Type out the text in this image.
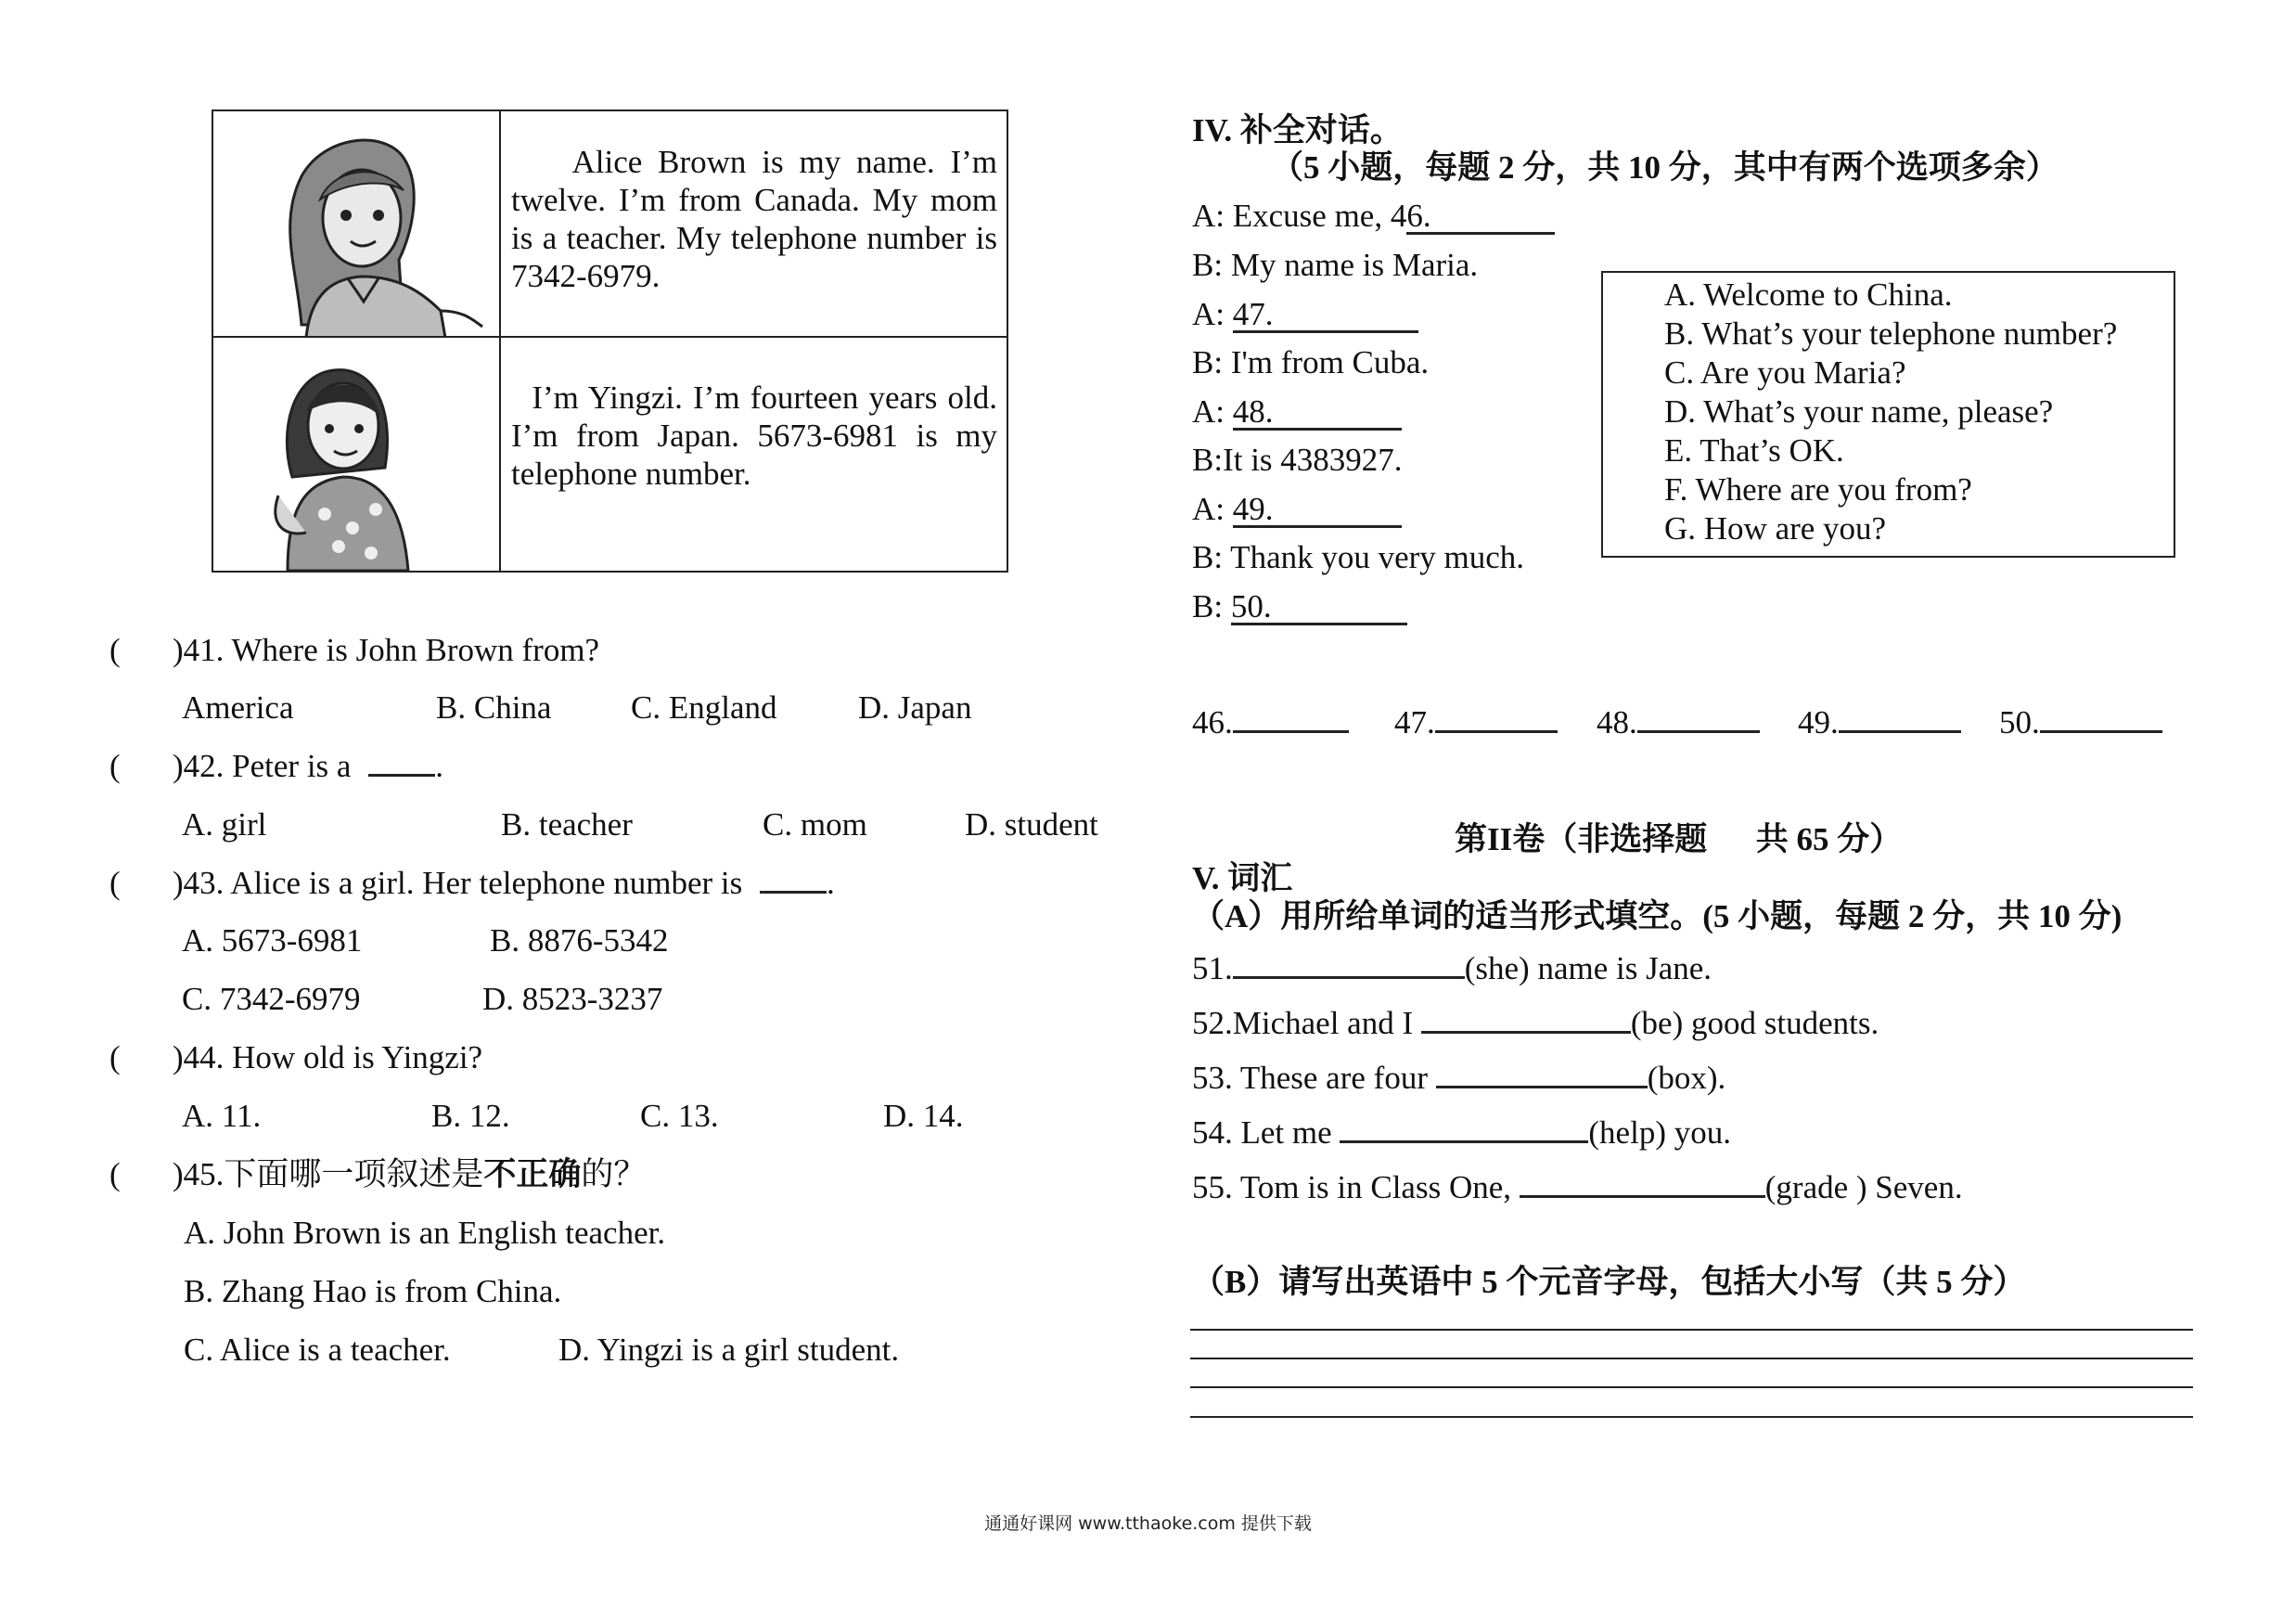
Alice Brown is my name. I’m twelve. I’m from Canada. My mom is a teacher. My telephone number is 7342-6979.
I’m Yingzi. I’m fourteen years old. I’m from Japan. 5673-6981 is my telephone number.
( )41. Where is John Brown from?
America	B. China C. England	D. Japan
( )42. Peter is a	.
A. girl	B. teacher	C. mom	D. student
( )43. Alice is a girl. Her telephone number is	.
A. 5673-6981	B. 8876-5342
C. 7342-6979	D. 8523-3237
( )44. How old is Yingzi?
A. 11.	B. 12.	C. 13.	D. 14.
( )45.下面哪一项叙述是不正确的？
A. John Brown is an English teacher.
B. Zhang Hao is from China.
C. Alice is a teacher.	D. Yingzi is a girl student.
IV. 补全对话。
（5 小题，每题 2 分，共 10 分，其中有两个选项多余）
A: Excuse me, 46.
B: My name is Maria.
A: 47.
B: I'm from Cuba.
A: 48.
B:It is 4383927.
A: 49.
B: Thank you very much.
B: 50.
A. Welcome to China.
B. What’s your telephone number?
C. Are you Maria?
D. What’s your name, please?
E. That’s OK.
F. Where are you from?
G. How are you?
46.	47.	48.	49.	50.
第II卷（非选择题      共 65 分）
V. 词汇
（A）用所给单词的适当形式填空。(5 小题，每题 2 分，共 10 分)
51.	(she) name is Jane.
52.Michael and I	(be) good students.
53. These are four	(box).
54. Let me	(help) you.
55. Tom is in Class One,	(grade ) Seven.
（B）请写出英语中 5 个元音字母，包括大小写（共 5 分）
通通好课网 www.tthaoke.com 提供下载
